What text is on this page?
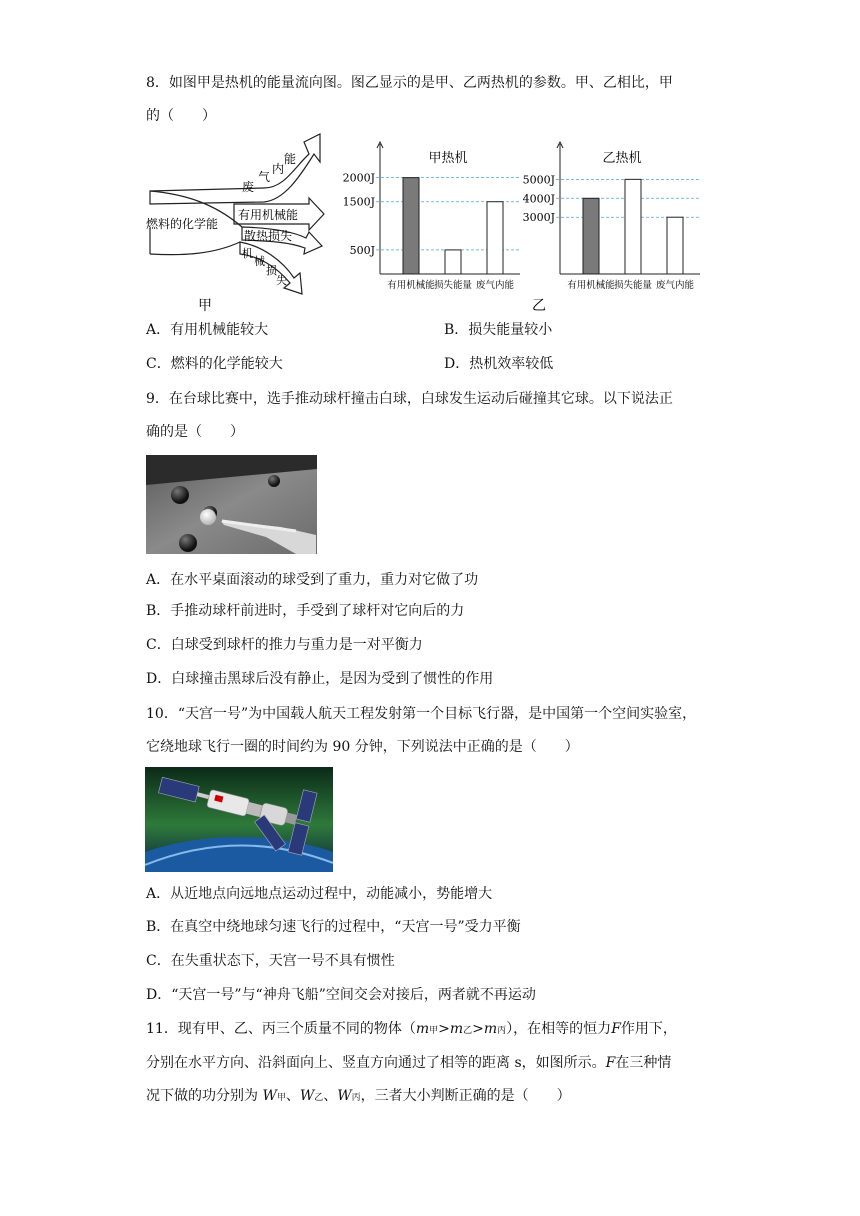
8．如图甲是热机的能量流向图。图乙显示的是甲、乙两热机的参数。甲、乙相比，甲
的（　　）
燃料的化学能
废
气
内
能
有用机械能
散热损失
机
械
损
失
甲
甲热机
500J
1500J
2000J
有用机械能 损失能量 废气内能
乙热机
3000J
4000J
5000J
有用机械能 损失能量 废气内能
乙
A．有用机械能较大	B．损失能量较小
C．燃料的化学能较大	D．热机效率较低
9．在台球比赛中，选手推动球杆撞击白球，白球发生运动后碰撞其它球。以下说法正
确的是（　　）
A．在水平桌面滚动的球受到了重力，重力对它做了功
B．手推动球杆前进时，手受到了球杆对它向后的力
C．白球受到球杆的推力与重力是一对平衡力
D．白球撞击黑球后没有静止，是因为受到了惯性的作用
10．“天宫一号”为中国载人航天工程发射第一个目标飞行器，是中国第一个空间实验室，
它绕地球飞行一圈的时间约为 90 分钟，下列说法中正确的是（　　）
A．从近地点向远地点运动过程中，动能减小，势能增大
B．在真空中绕地球匀速飞行的过程中，“天宫一号”受力平衡
C．在失重状态下，天宫一号不具有惯性
D．“天宫一号”与“神舟飞船”空间交会对接后，两者就不再运动
11．现有甲、乙、丙三个质量不同的物体（m甲>m乙>m丙），在相等的恒力F作用下，
分别在水平方向、沿斜面向上、竖直方向通过了相等的距离 s，如图所示。F在三种情
况下做的功分别为 W甲、W乙、W丙，三者大小判断正确的是（　　）
